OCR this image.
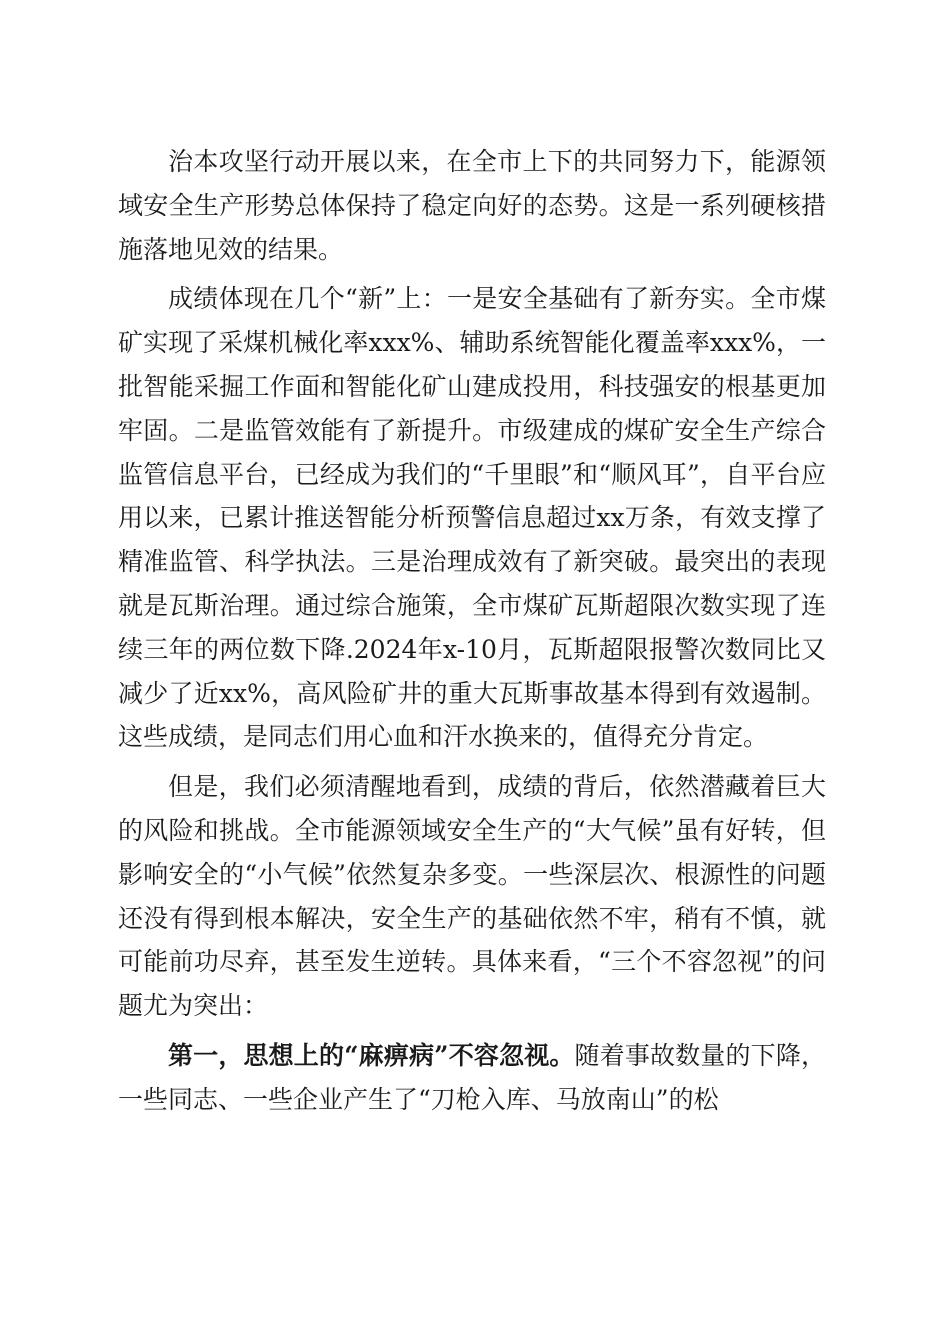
治本攻坚行动开展以来，在全市上下的共同努力下，能源领域安全生产形势总体保持了稳定向好的态势。这是一系列硬核措施落地见效的结果。

成绩体现在几个“新”上：一是安全基础有了新夯实。全市煤矿实现了采煤机械化率xxx%、辅助系统智能化覆盖率xxx%，一批智能采掘工作面和智能化矿山建成投用，科技强安的根基更加牢固。二是监管效能有了新提升。市级建成的煤矿安全生产综合监管信息平台，已经成为我们的“千里眼”和“顺风耳”，自平台应用以来，已累计推送智能分析预警信息超过xx万条，有效支撑了精准监管、科学执法。三是治理成效有了新突破。最突出的表现就是瓦斯治理。通过综合施策，全市煤矿瓦斯超限次数实现了连续三年的两位数下降.2024年x-10月，瓦斯超限报警次数同比又减少了近xx%，高风险矿井的重大瓦斯事故基本得到有效遏制。这些成绩，是同志们用心血和汗水换来的，值得充分肯定。

但是，我们必须清醒地看到，成绩的背后，依然潜藏着巨大的风险和挑战。全市能源领域安全生产的“大气候”虽有好转，但影响安全的“小气候”依然复杂多变。一些深层次、根源性的问题还没有得到根本解决，安全生产的基础依然不牢，稍有不慎，就可能前功尽弃，甚至发生逆转。具体来看，“三个不容忽视”的问题尤为突出：

第一，思想上的“麻痹病”不容忽视。随着事故数量的下降，一些同志、一些企业产生了“刀枪入库、马放南山”的松
